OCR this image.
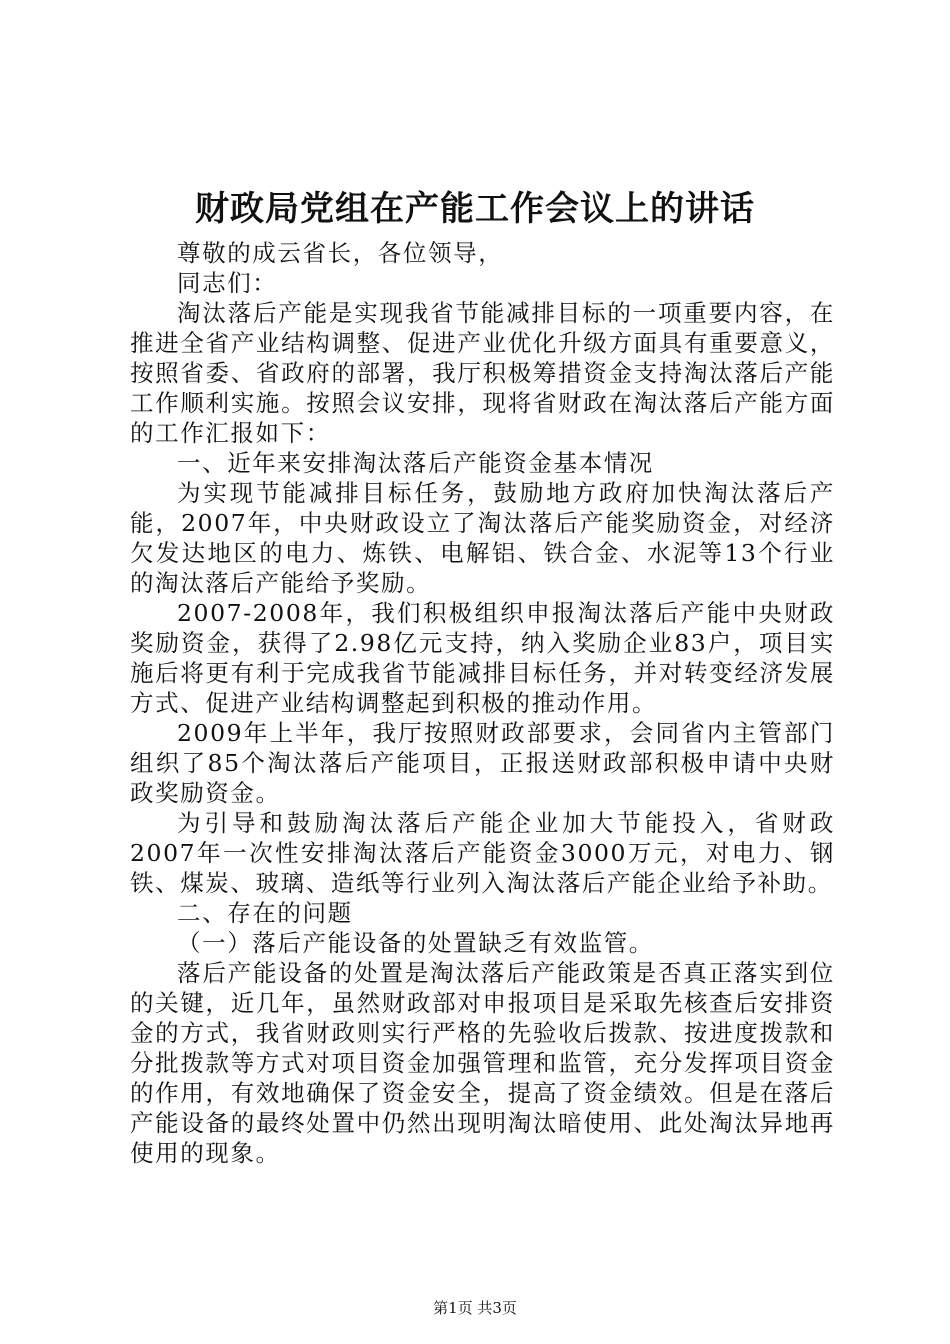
财政局党组在产能工作会议上的讲话

尊敬的成云省长，各位领导，

同志们：

淘汰落后产能是实现我省节能减排目标的一项重要内容，在推进全省产业结构调整、促进产业优化升级方面具有重要意义，按照省委、省政府的部署，我厅积极筹措资金支持淘汰落后产能工作顺利实施。按照会议安排，现将省财政在淘汰落后产能方面的工作汇报如下：

一、近年来安排淘汰落后产能资金基本情况

为实现节能减排目标任务，鼓励地方政府加快淘汰落后产能，2007年，中央财政设立了淘汰落后产能奖励资金，对经济欠发达地区的电力、炼铁、电解铝、铁合金、水泥等13个行业的淘汰落后产能给予奖励。

2007-2008年，我们积极组织申报淘汰落后产能中央财政奖励资金，获得了2.98亿元支持，纳入奖励企业83户，项目实施后将更有利于完成我省节能减排目标任务，并对转变经济发展方式、促进产业结构调整起到积极的推动作用。

2009年上半年，我厅按照财政部要求，会同省内主管部门组织了85个淘汰落后产能项目，正报送财政部积极申请中央财政奖励资金。

为引导和鼓励淘汰落后产能企业加大节能投入，省财政2007年一次性安排淘汰落后产能资金3000万元，对电力、钢铁、煤炭、玻璃、造纸等行业列入淘汰落后产能企业给予补助。

二、存在的问题

（一）落后产能设备的处置缺乏有效监管。

落后产能设备的处置是淘汰落后产能政策是否真正落实到位的关键，近几年，虽然财政部对申报项目是采取先核查后安排资金的方式，我省财政则实行严格的先验收后拨款、按进度拨款和分批拨款等方式对项目资金加强管理和监管，充分发挥项目资金的作用，有效地确保了资金安全，提高了资金绩效。但是在落后产能设备的最终处置中仍然出现明淘汰暗使用、此处淘汰异地再使用的现象。

第1页 共3页
